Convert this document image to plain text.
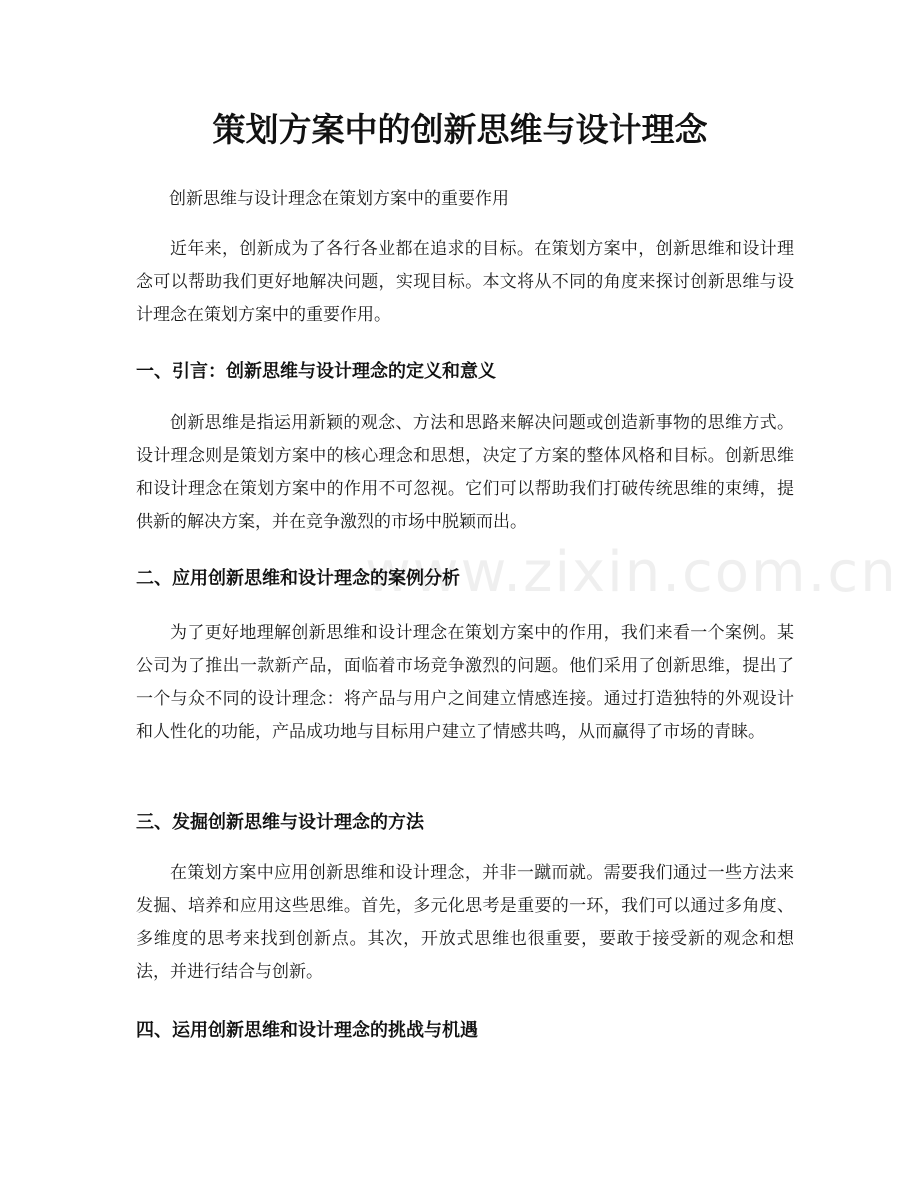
www.zixin.com.cn
策划方案中的创新思维与设计理念

创新思维与设计理念在策划方案中的重要作用

近年来，创新成为了各行各业都在追求的目标。在策划方案中，创新思维和设计理念可以帮助我们更好地解决问题，实现目标。本文将从不同的角度来探讨创新思维与设计理念在策划方案中的重要作用。

一、引言：创新思维与设计理念的定义和意义

创新思维是指运用新颖的观念、方法和思路来解决问题或创造新事物的思维方式。设计理念则是策划方案中的核心理念和思想，决定了方案的整体风格和目标。创新思维和设计理念在策划方案中的作用不可忽视。它们可以帮助我们打破传统思维的束缚，提供新的解决方案，并在竞争激烈的市场中脱颖而出。

二、应用创新思维和设计理念的案例分析

为了更好地理解创新思维和设计理念在策划方案中的作用，我们来看一个案例。某公司为了推出一款新产品，面临着市场竞争激烈的问题。他们采用了创新思维，提出了一个与众不同的设计理念：将产品与用户之间建立情感连接。通过打造独特的外观设计和人性化的功能，产品成功地与目标用户建立了情感共鸣，从而赢得了市场的青睐。

三、发掘创新思维与设计理念的方法

在策划方案中应用创新思维和设计理念，并非一蹴而就。需要我们通过一些方法来发掘、培养和应用这些思维。首先，多元化思考是重要的一环，我们可以通过多角度、多维度的思考来找到创新点。其次，开放式思维也很重要，要敢于接受新的观念和想法，并进行结合与创新。

四、运用创新思维和设计理念的挑战与机遇
